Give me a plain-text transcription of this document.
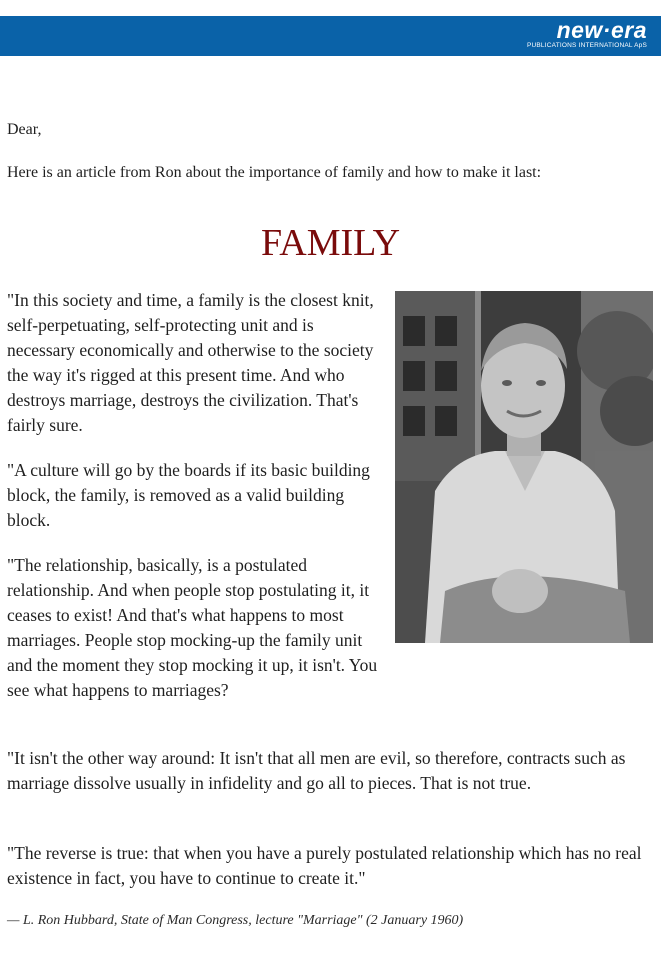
new·era
PUBLICATIONS INTERNATIONAL ApS
Dear,
Here is an article from Ron about the importance of family and how to make it last:
FAMILY
"In this society and time, a family is the closest knit, self-perpetuating, self-protecting unit and is necessary economically and otherwise to the society the way it's rigged at this present time. And who destroys marriage, destroys the civilization. That's fairly sure.
"A culture will go by the boards if its basic building block, the family, is removed as a valid building block.
"The relationship, basically, is a postulated relationship. And when people stop postulating it, it ceases to exist! And that's what happens to most marriages. People stop mocking-up the family unit and the moment they stop mocking it up, it isn't. You see what happens to marriages?
"It isn't the other way around: It isn't that all men are evil, so therefore, contracts such as marriage dissolve usually in infidelity and go all to pieces. That is not true.
"The reverse is true: that when you have a purely postulated relationship which has no real existence in fact, you have to continue to create it."
— L. Ron Hubbard, State of Man Congress, lecture "Marriage" (2 January 1960)
